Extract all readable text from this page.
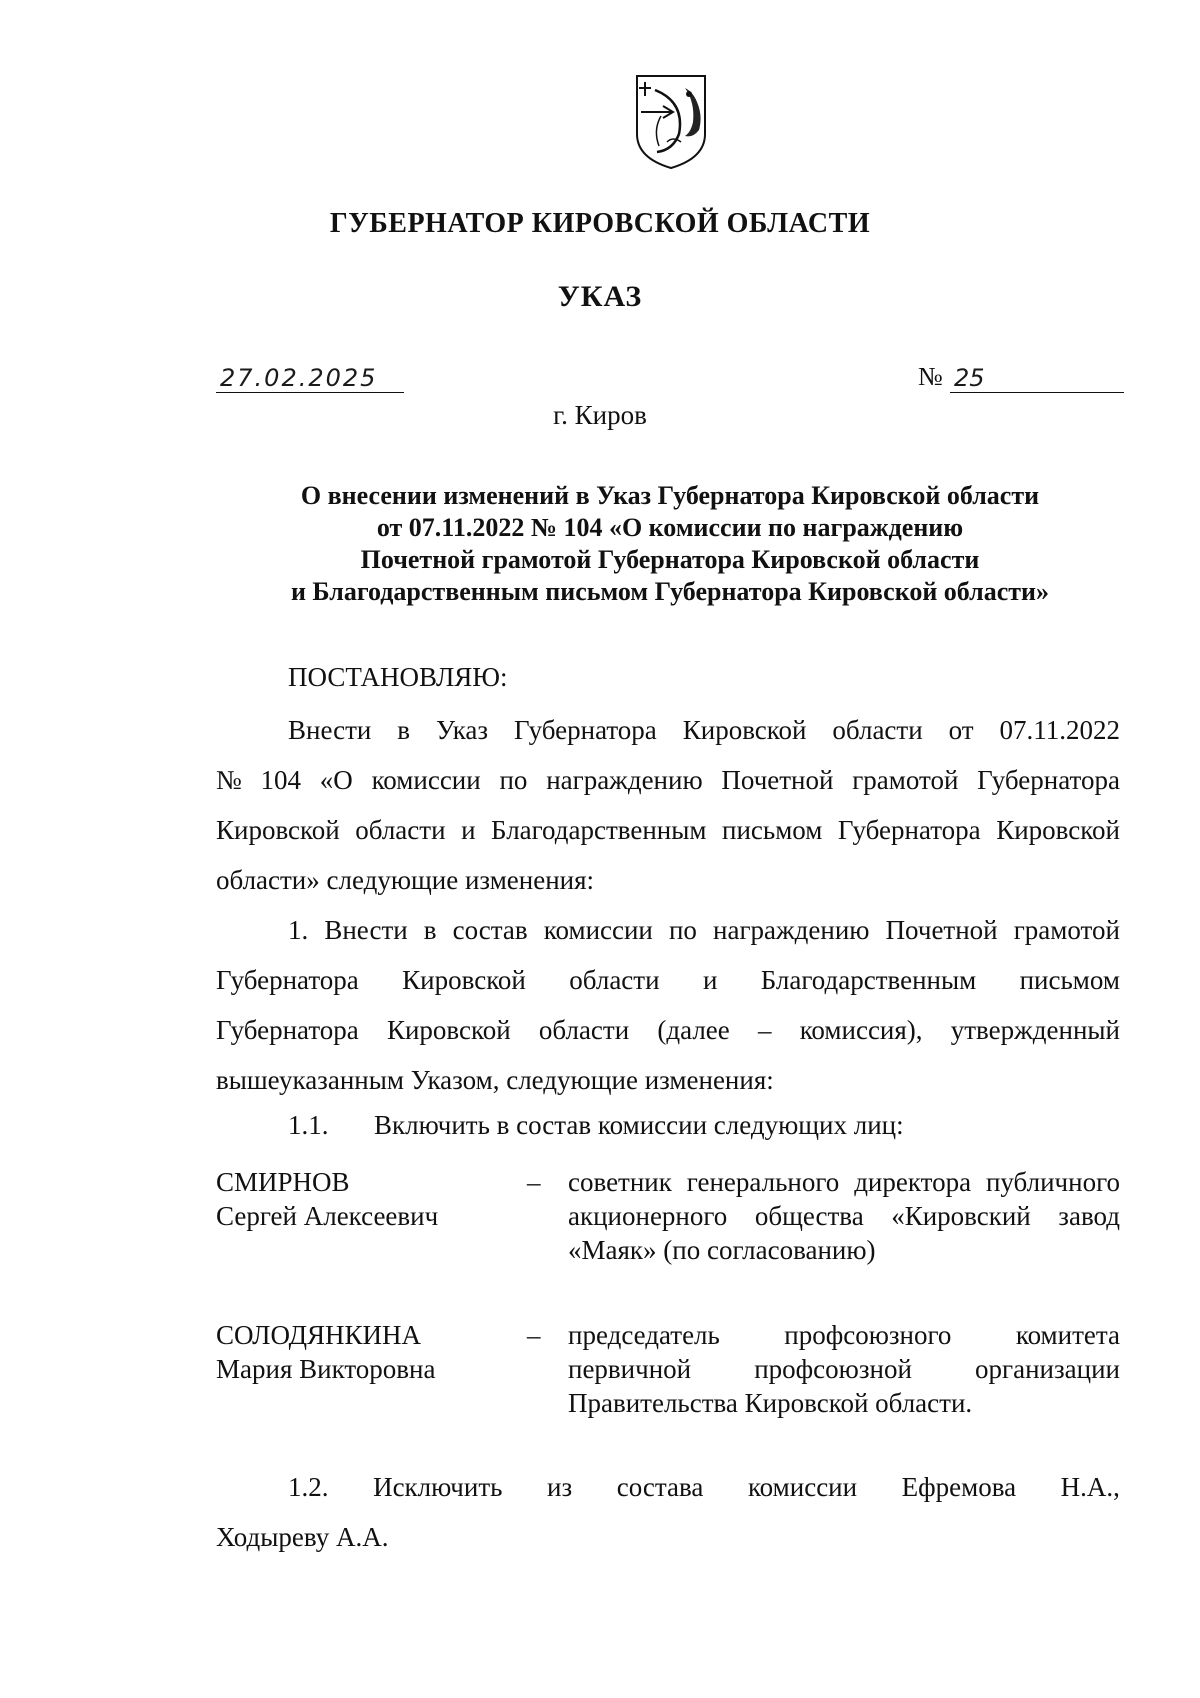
ГУБЕРНАТОР КИРОВСКОЙ ОБЛАСТИ
УКАЗ
27.02.2025	№ 25
г. Киров
О внесении изменений в Указ Губернатора Кировской области
от 07.11.2022 № 104 «О комиссии по награждению
Почетной грамотой Губернатора Кировской области
и Благодарственным письмом Губернатора Кировской области»
ПОСТАНОВЛЯЮ:
Внести в Указ Губернатора Кировской области от 07.11.2022
№ 104 «О комиссии по награждению Почетной грамотой Губернатора
Кировской области и Благодарственным письмом Губернатора Кировской
области» следующие изменения:
1. Внести в состав комиссии по награждению Почетной грамотой
Губернатора Кировской области и Благодарственным письмом
Губернатора Кировской области (далее – комиссия), утвержденный
вышеуказанным Указом, следующие изменения:
1.1. Включить в состав комиссии следующих лиц:
СМИРНОВ
Сергей Алексеевич
– советник генерального директора публичного
акционерного общества «Кировский завод
«Маяк» (по согласованию)
СОЛОДЯНКИНА
Мария Викторовна
– председатель профсоюзного комитета
первичной профсоюзной организации
Правительства Кировской области.
1.2. Исключить из состава комиссии Ефремова Н.А.,
Ходыреву А.А.
